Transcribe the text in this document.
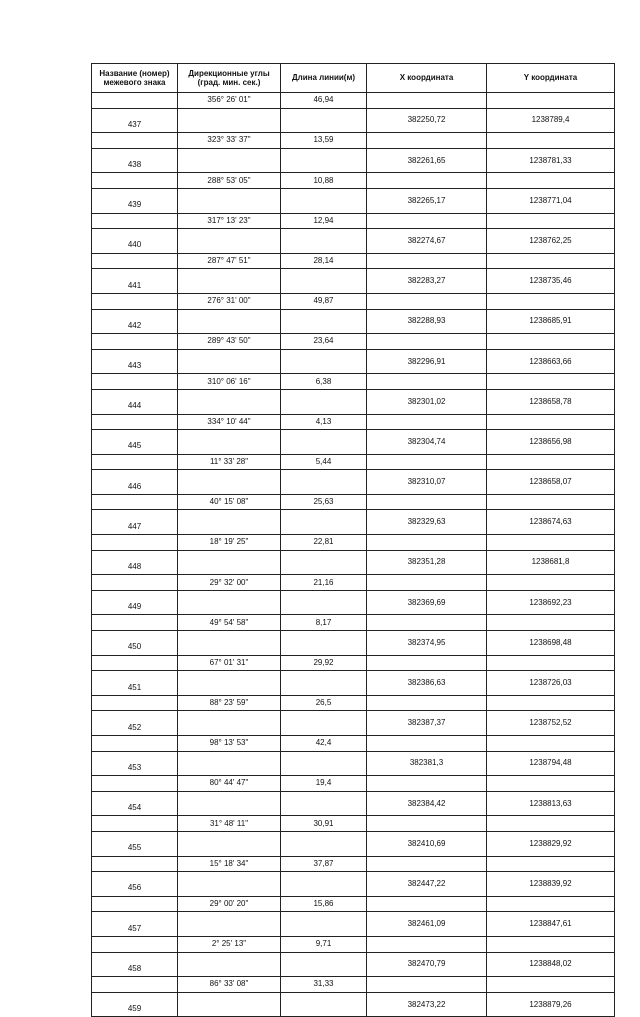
Название (номер) межевого знака	Дирекционные углы (град. мин. сек.)	Длина линии(м)	X координата	Y координата
	356° 26' 01"	46,94		
437			382250,72	1238789,4
	323° 33' 37"	13,59		
438			382261,65	1238781,33
	288° 53' 05"	10,88		
439			382265,17	1238771,04
	317° 13' 23"	12,94		
440			382274,67	1238762,25
	287° 47' 51"	28,14		
441			382283,27	1238735,46
	276° 31' 00"	49,87		
442			382288,93	1238685,91
	289° 43' 50"	23,64		
443			382296,91	1238663,66
	310° 06' 16"	6,38		
444			382301,02	1238658,78
	334° 10' 44"	4,13		
445			382304,74	1238656,98
	11° 33' 28"	5,44		
446			382310,07	1238658,07
	40° 15' 08"	25,63		
447			382329,63	1238674,63
	18° 19' 25"	22,81		
448			382351,28	1238681,8
	29° 32' 00"	21,16		
449			382369,69	1238692,23
	49° 54' 58"	8,17		
450			382374,95	1238698,48
	67° 01' 31"	29,92		
451			382386,63	1238726,03
	88° 23' 59"	26,5		
452			382387,37	1238752,52
	98° 13' 53"	42,4		
453			382381,3	1238794,48
	80° 44' 47"	19,4		
454			382384,42	1238813,63
	31° 48' 11"	30,91		
455			382410,69	1238829,92
	15° 18' 34"	37,87		
456			382447,22	1238839,92
	29° 00' 20"	15,86		
457			382461,09	1238847,61
	2° 25' 13"	9,71		
458			382470,79	1238848,02
	86° 33' 08"	31,33		
459			382473,22	1238879,26
